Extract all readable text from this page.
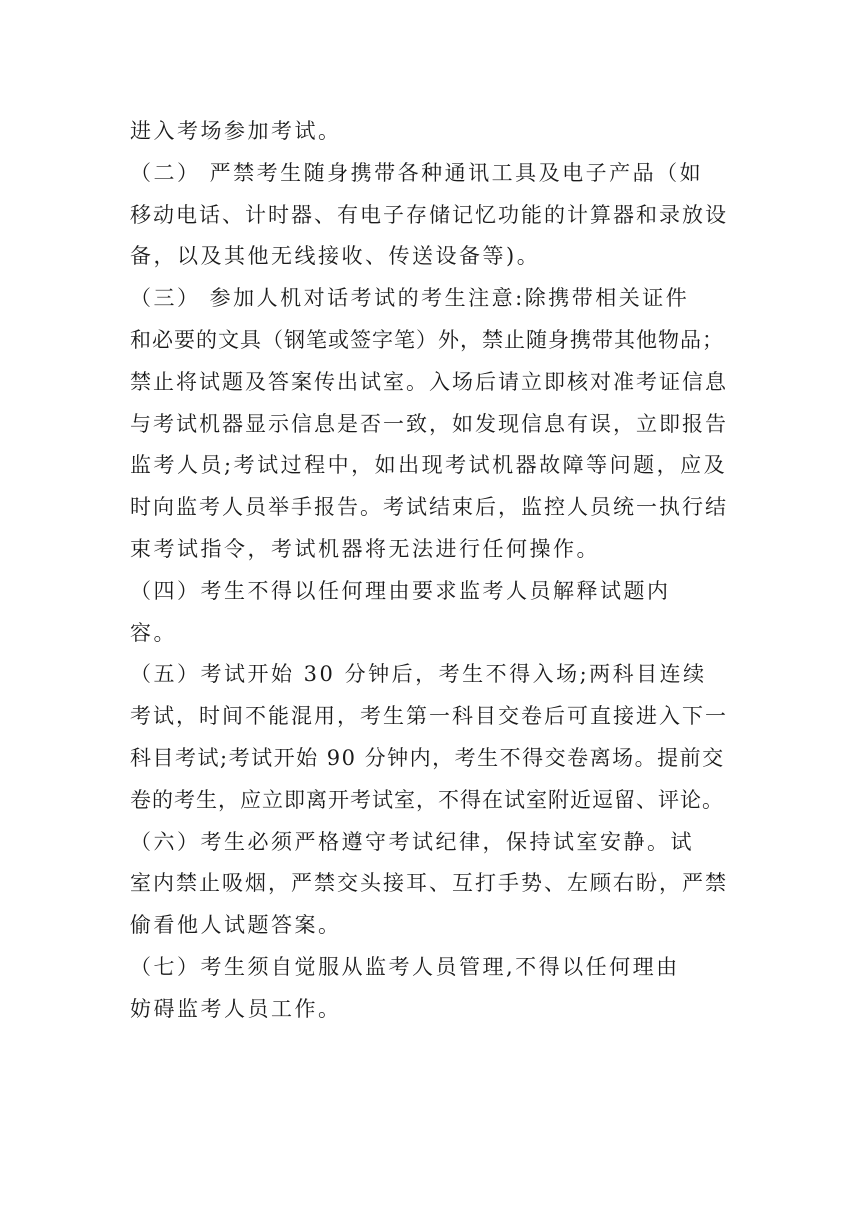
进入考场参加考试。
（二） 严禁考生随身携带各种通讯工具及电子产品（如
移动电话、计时器、有电子存储记忆功能的计算器和录放设
备，以及其他无线接收、传送设备等)。
（三） 参加人机对话考试的考生注意:除携带相关证件
和必要的文具（钢笔或签字笔）外，禁止随身携带其他物品；
禁止将试题及答案传出试室。入场后请立即核对准考证信息
与考试机器显示信息是否一致，如发现信息有误，立即报告
监考人员;考试过程中，如出现考试机器故障等问题，应及
时向监考人员举手报告。考试结束后，监控人员统一执行结
束考试指令，考试机器将无法进行任何操作。
（四）考生不得以任何理由要求监考人员解释试题内
容。
（五）考试开始 30 分钟后，考生不得入场;两科目连续
考试，时间不能混用，考生第一科目交卷后可直接进入下一
科目考试;考试开始 90 分钟内，考生不得交卷离场。提前交
卷的考生，应立即离开考试室，不得在试室附近逗留、评论。
（六）考生必须严格遵守考试纪律，保持试室安静。试
室内禁止吸烟，严禁交头接耳、互打手势、左顾右盼，严禁
偷看他人试题答案。
（七）考生须自觉服从监考人员管理,不得以任何理由
妨碍监考人员工作。
